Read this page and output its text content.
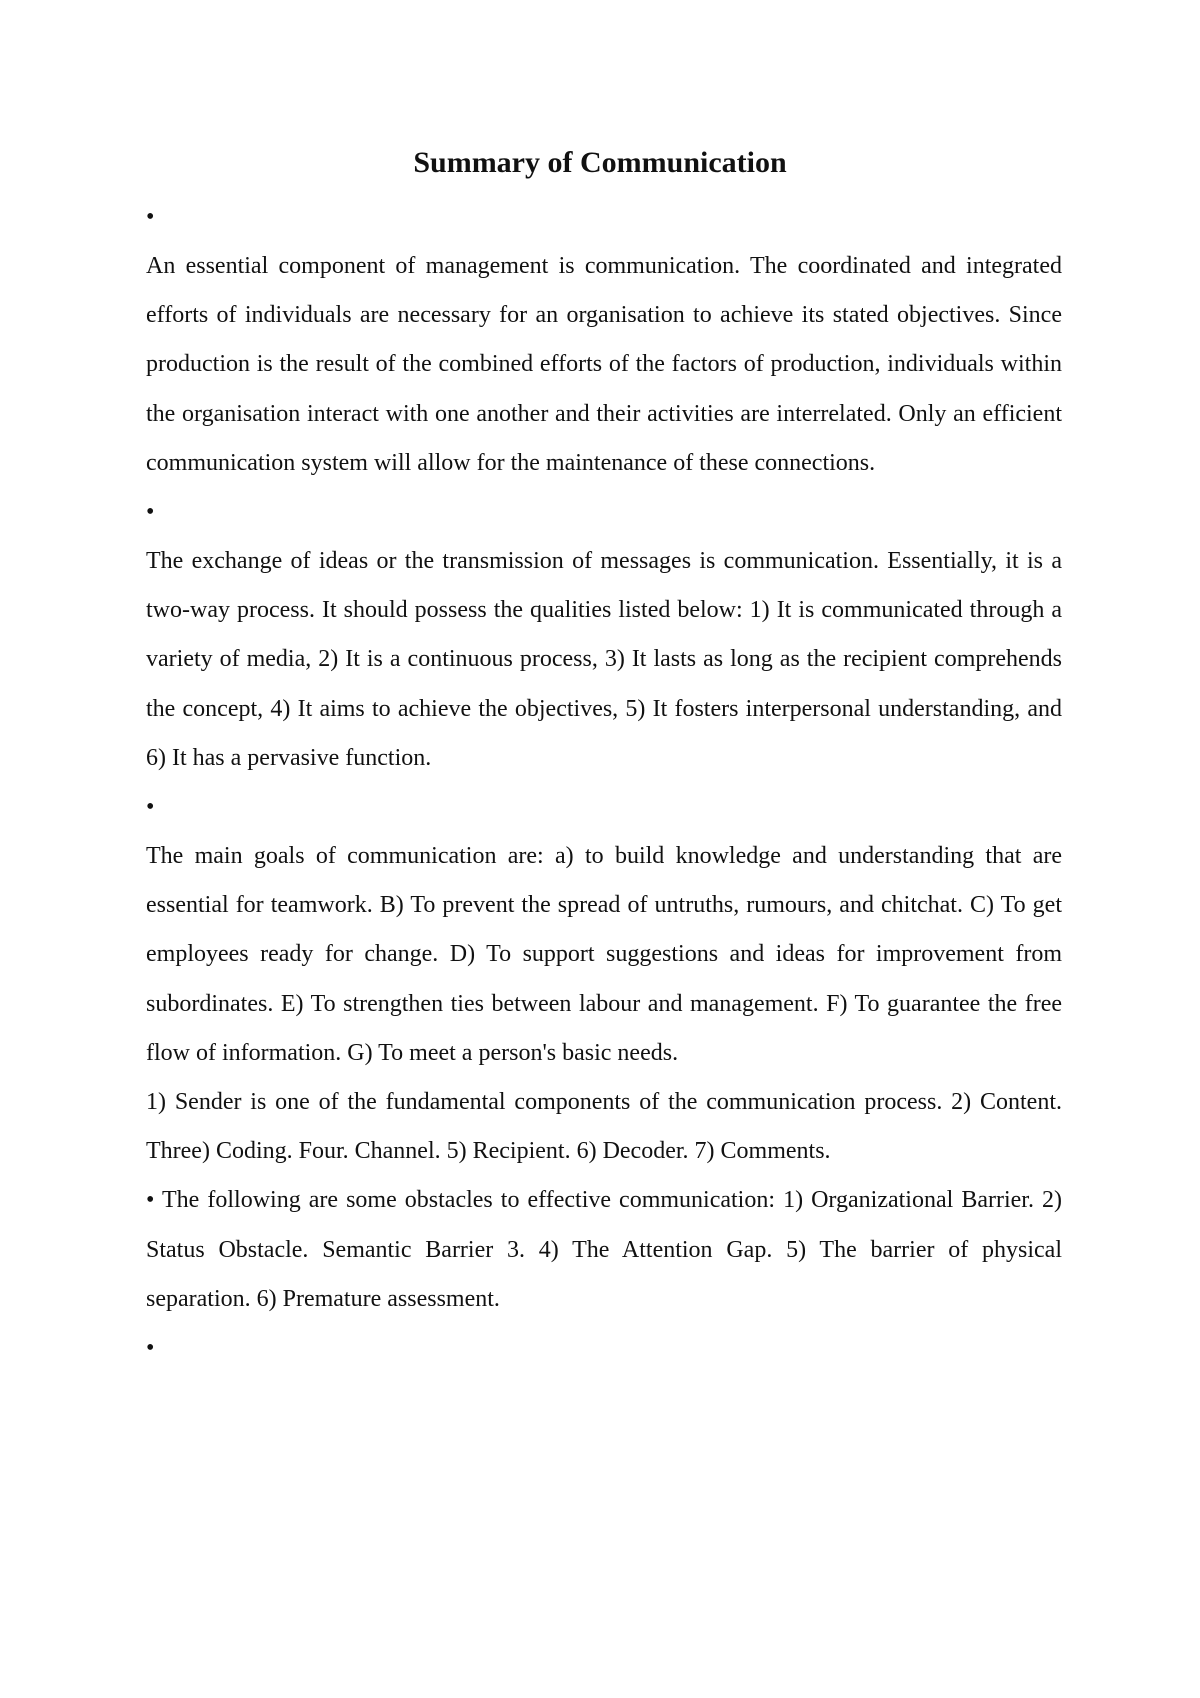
Summary of Communication
•

An essential component of management is communication. The coordinated and integrated efforts of individuals are necessary for an organisation to achieve its stated objectives. Since production is the result of the combined efforts of the factors of production, individuals within the organisation interact with one another and their activities are interrelated. Only an efficient communication system will allow for the maintenance of these connections.

•

The exchange of ideas or the transmission of messages is communication. Essentially, it is a two-way process. It should possess the qualities listed below: 1) It is communicated through a variety of media, 2) It is a continuous process, 3) It lasts as long as the recipient comprehends the concept, 4) It aims to achieve the objectives, 5) It fosters interpersonal understanding, and 6) It has a pervasive function.

•

The main goals of communication are: a) to build knowledge and understanding that are essential for teamwork. B) To prevent the spread of untruths, rumours, and chitchat. C) To get employees ready for change. D) To support suggestions and ideas for improvement from subordinates. E) To strengthen ties between labour and management. F) To guarantee the free flow of information. G) To meet a person's basic needs.

1) Sender is one of the fundamental components of the communication process. 2) Content. Three) Coding. Four. Channel. 5) Recipient. 6) Decoder. 7) Comments.

• The following are some obstacles to effective communication: 1) Organizational Barrier. 2) Status Obstacle. Semantic Barrier 3. 4) The Attention Gap. 5) The barrier of physical separation. 6) Premature assessment.

•
